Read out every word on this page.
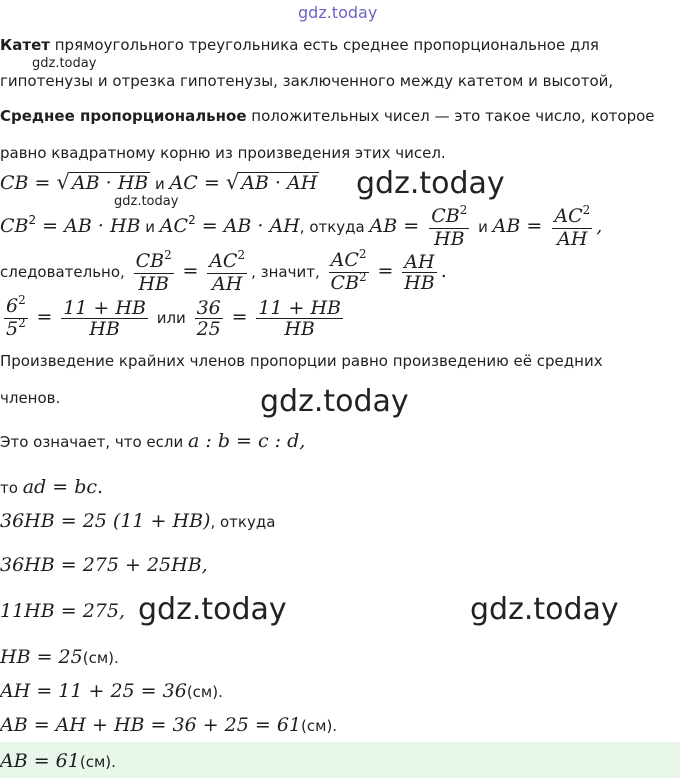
gdz.today
Катет прямоугольного треугольника есть среднее пропорциональное для
gdz.today
гипотенузы и отрезка гипотенузы, заключенного между катетом и высотой,
Среднее пропорциональное положительных чисел — это такое число, которое
равно квадратному корню из произведения этих чисел.
CB = √ AB · HB и AC = √ AB · AH gdz.today
gdz.today
$CB^2$ = AB · HB и $AC^2$ = AB · AH, откуда AB = $\frac{CB^2}{HB}$ и AB = $\frac{AC^2}{AH}$ ,
следовательно, $\frac{CB^2}{HB} = \frac{AC^2}{AH}$ , значит, $\frac{AC^2}{CB^2} = \frac{AH}{HB}$ .
$\frac{6^2}{5^2} = \frac{11 + HB}{HB}$ или $\frac{36}{25} = \frac{11 + HB}{HB}$
Произведение крайних членов пропорции равно произведению её средних
членов.	gdz.today
Это означает, что если a : b = c : d,
то ad = bc.
36HB = 25 (11 + HB), откуда
36HB = 275 + 25HB,
11HB = 275, gdz.today	gdz.today
HB = 25(см).
AH = 11 + 25 = 36(см).
AB = AH + HB = 36 + 25 = 61(см).
AB = 61(см).
